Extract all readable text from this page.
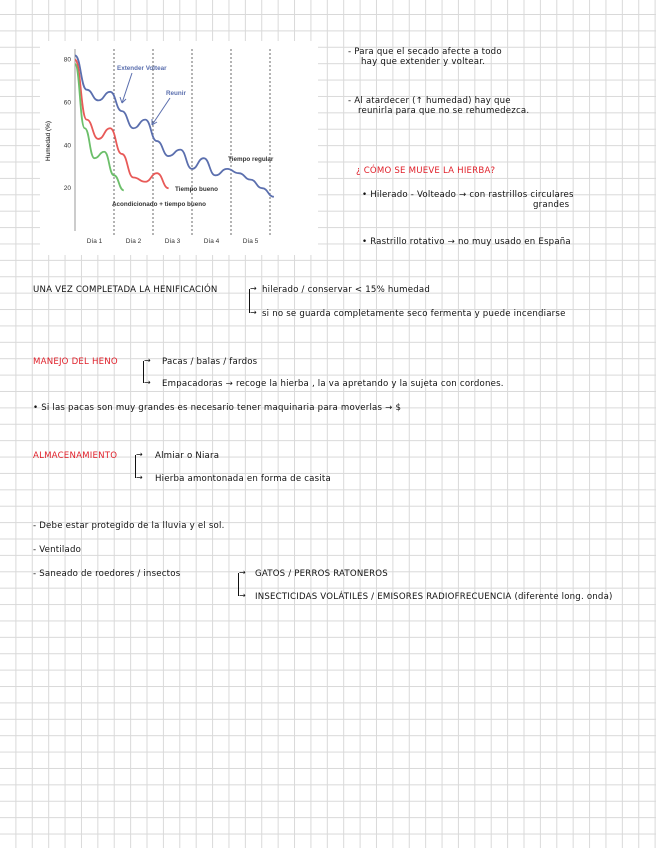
Humedad (%)
80
60
40
20
Día 1	Día 2	Día 3	Día 4	Día 5
Extender Voltear
Reunir
Tiempo regular
Tiempo bueno
Acondicionado + tiempo bueno
- Para que el secado afecte a todo
hay que extender y voltear.
- Al atardecer (↑ humedad) hay que
reunirla para que no se rehumedezca.
¿ CÓMO SE MUEVE LA HIERBA?
• Hilerado - Volteado → con rastrillos circulares
grandes
• Rastrillo rotativo → no muy usado en España
UNA VEZ COMPLETADA LA HENIFICACIÓN	→ hilerado / conservar < 15% humedad
→ si no se guarda completamente seco fermenta y puede incendiarse
MANEJO DEL HENO	→ Pacas / balas / fardos
→ Empacadoras → recoge la hierba , la va apretando y la sujeta con cordones.
• Si las pacas son muy grandes es necesario tener maquinaria para moverlas → $
ALMACENAMIENTO → Almiar o Niara
→ Hierba amontonada en forma de casita
- Debe estar protegido de la lluvia y el sol.
- Ventilado
- Saneado de roedores / insectos	→ GATOS / PERROS RATONEROS
→ INSECTICIDAS VOLÁTILES / EMISORES RADIOFRECUENCIA (diferente long. onda)
